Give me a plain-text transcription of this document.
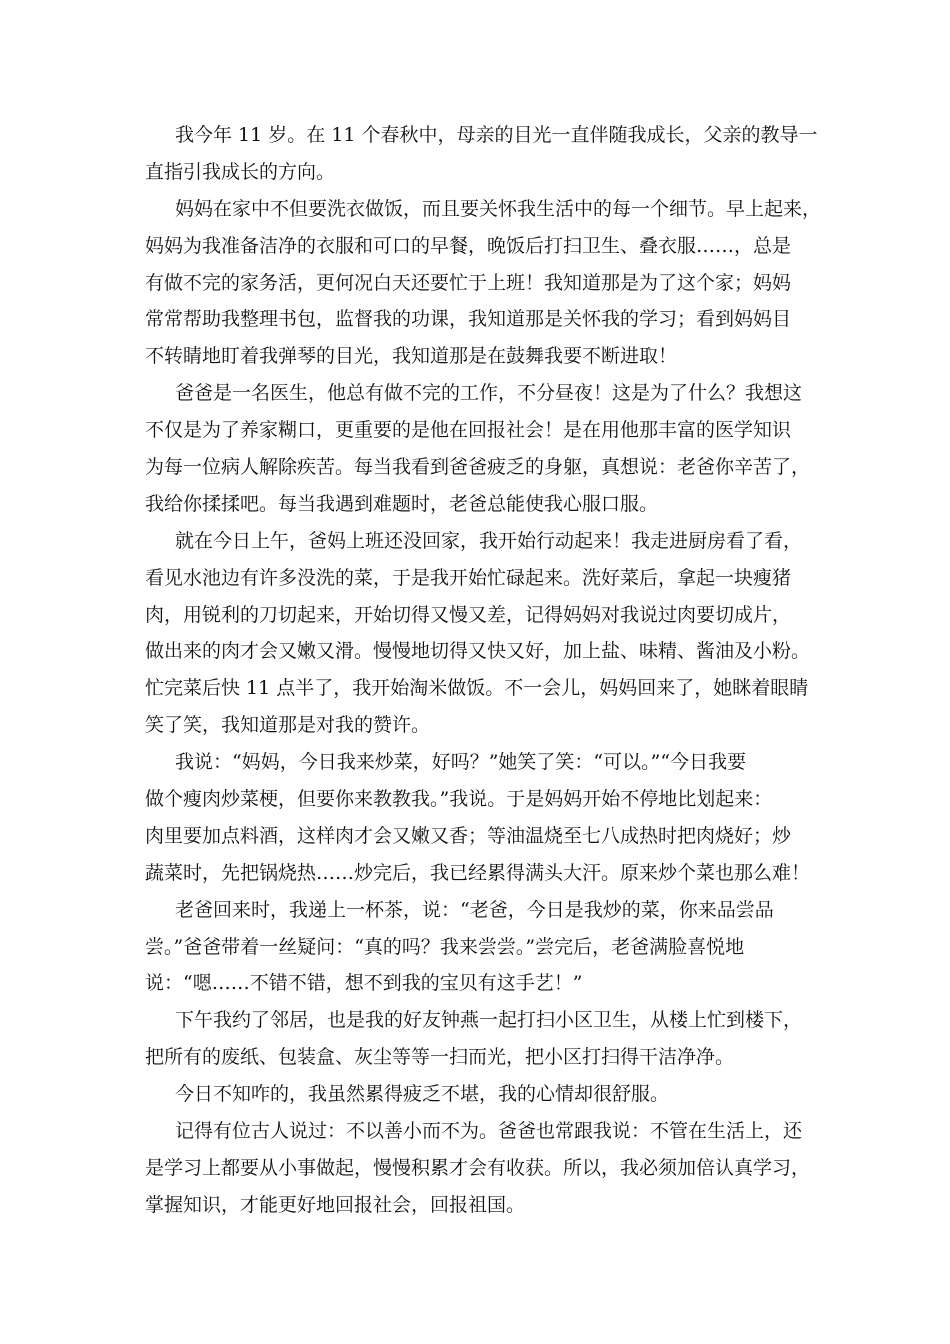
我今年 11 岁。在 11 个春秋中，母亲的目光一直伴随我成长，父亲的教导一
直指引我成长的方向。
妈妈在家中不但要洗衣做饭，而且要关怀我生活中的每一个细节。早上起来，
妈妈为我准备洁净的衣服和可口的早餐，晚饭后打扫卫生、叠衣服……，总是
有做不完的家务活，更何况白天还要忙于上班！我知道那是为了这个家；妈妈
常常帮助我整理书包，监督我的功课，我知道那是关怀我的学习；看到妈妈目
不转睛地盯着我弹琴的目光，我知道那是在鼓舞我要不断进取！
爸爸是一名医生，他总有做不完的工作，不分昼夜！这是为了什么？我想这
不仅是为了养家糊口，更重要的是他在回报社会！是在用他那丰富的医学知识
为每一位病人解除疾苦。每当我看到爸爸疲乏的身躯，真想说：老爸你辛苦了，
我给你揉揉吧。每当我遇到难题时，老爸总能使我心服口服。
就在今日上午，爸妈上班还没回家，我开始行动起来！我走进厨房看了看，
看见水池边有许多没洗的菜，于是我开始忙碌起来。洗好菜后，拿起一块瘦猪
肉，用锐利的刀切起来，开始切得又慢又差，记得妈妈对我说过肉要切成片，
做出来的肉才会又嫩又滑。慢慢地切得又快又好，加上盐、味精、酱油及小粉。
忙完菜后快 11 点半了，我开始淘米做饭。不一会儿，妈妈回来了，她眯着眼睛
笑了笑，我知道那是对我的赞许。
我说：“妈妈，今日我来炒菜，好吗？”她笑了笑：“可以。”“今日我要
做个瘦肉炒菜梗，但要你来教教我。”我说。于是妈妈开始不停地比划起来：
肉里要加点料酒，这样肉才会又嫩又香；等油温烧至七八成热时把肉烧好；炒
蔬菜时，先把锅烧热……炒完后，我已经累得满头大汗。原来炒个菜也那么难！
老爸回来时，我递上一杯茶，说：“老爸，今日是我炒的菜，你来品尝品
尝。”爸爸带着一丝疑问：“真的吗？我来尝尝。”尝完后，老爸满脸喜悦地
说：“嗯……不错不错，想不到我的宝贝有这手艺！”
下午我约了邻居，也是我的好友钟燕一起打扫小区卫生，从楼上忙到楼下，
把所有的废纸、包装盒、灰尘等等一扫而光，把小区打扫得干洁净净。
今日不知咋的，我虽然累得疲乏不堪，我的心情却很舒服。
记得有位古人说过：不以善小而不为。爸爸也常跟我说：不管在生活上，还
是学习上都要从小事做起，慢慢积累才会有收获。所以，我必须加倍认真学习，
掌握知识，才能更好地回报社会，回报祖国。
